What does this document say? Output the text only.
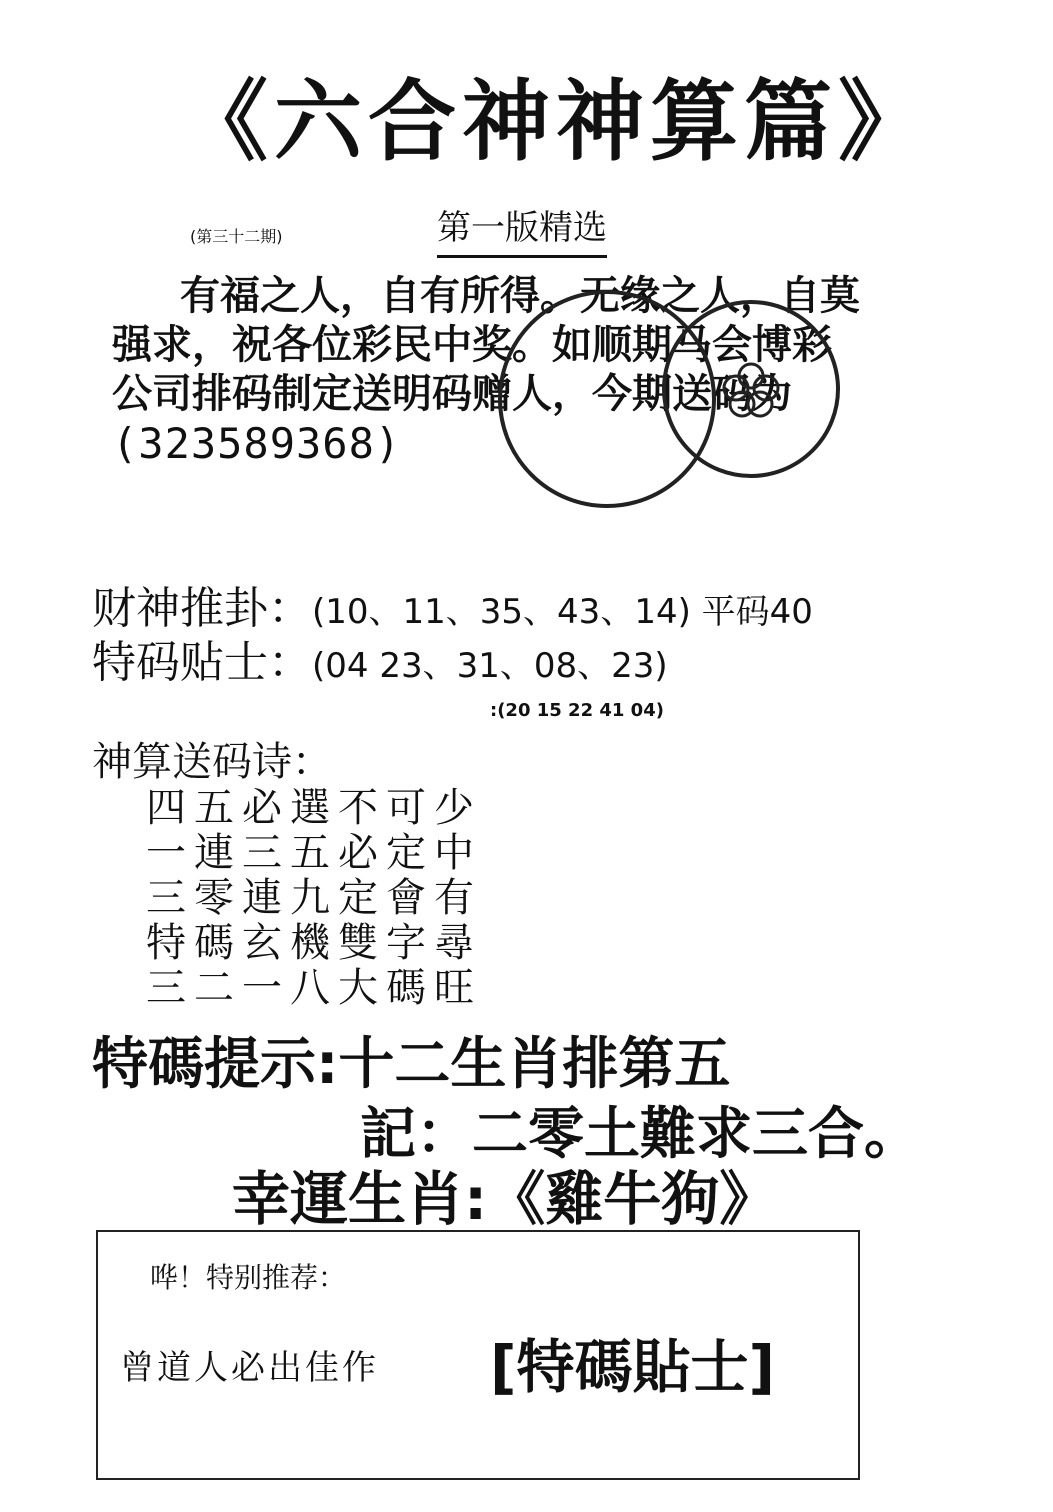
《六合神神算篇》
(第三十二期)	第一版精选
有福之人，自有所得。无缘之人，自莫
强求，祝各位彩民中奖。如顺期马会博彩
公司排码制定送明码赠人，今期送码为
(323589368)
财神推卦：(10、11、35、43、14) 平码40
特码贴士：(04 23、31、08、23)
:(20 15 22 41 04)
神算送码诗：
四五必選不可少
一連三五必定中
三零連九定會有
特碼玄機雙字尋
三二一八大碼旺
特碼提示:十二生肖排第五
記：二零土難求三合。
幸運生肖:《雞牛狗》
哗！特别推荐：
曾道人必出佳作 [特碼貼士]
